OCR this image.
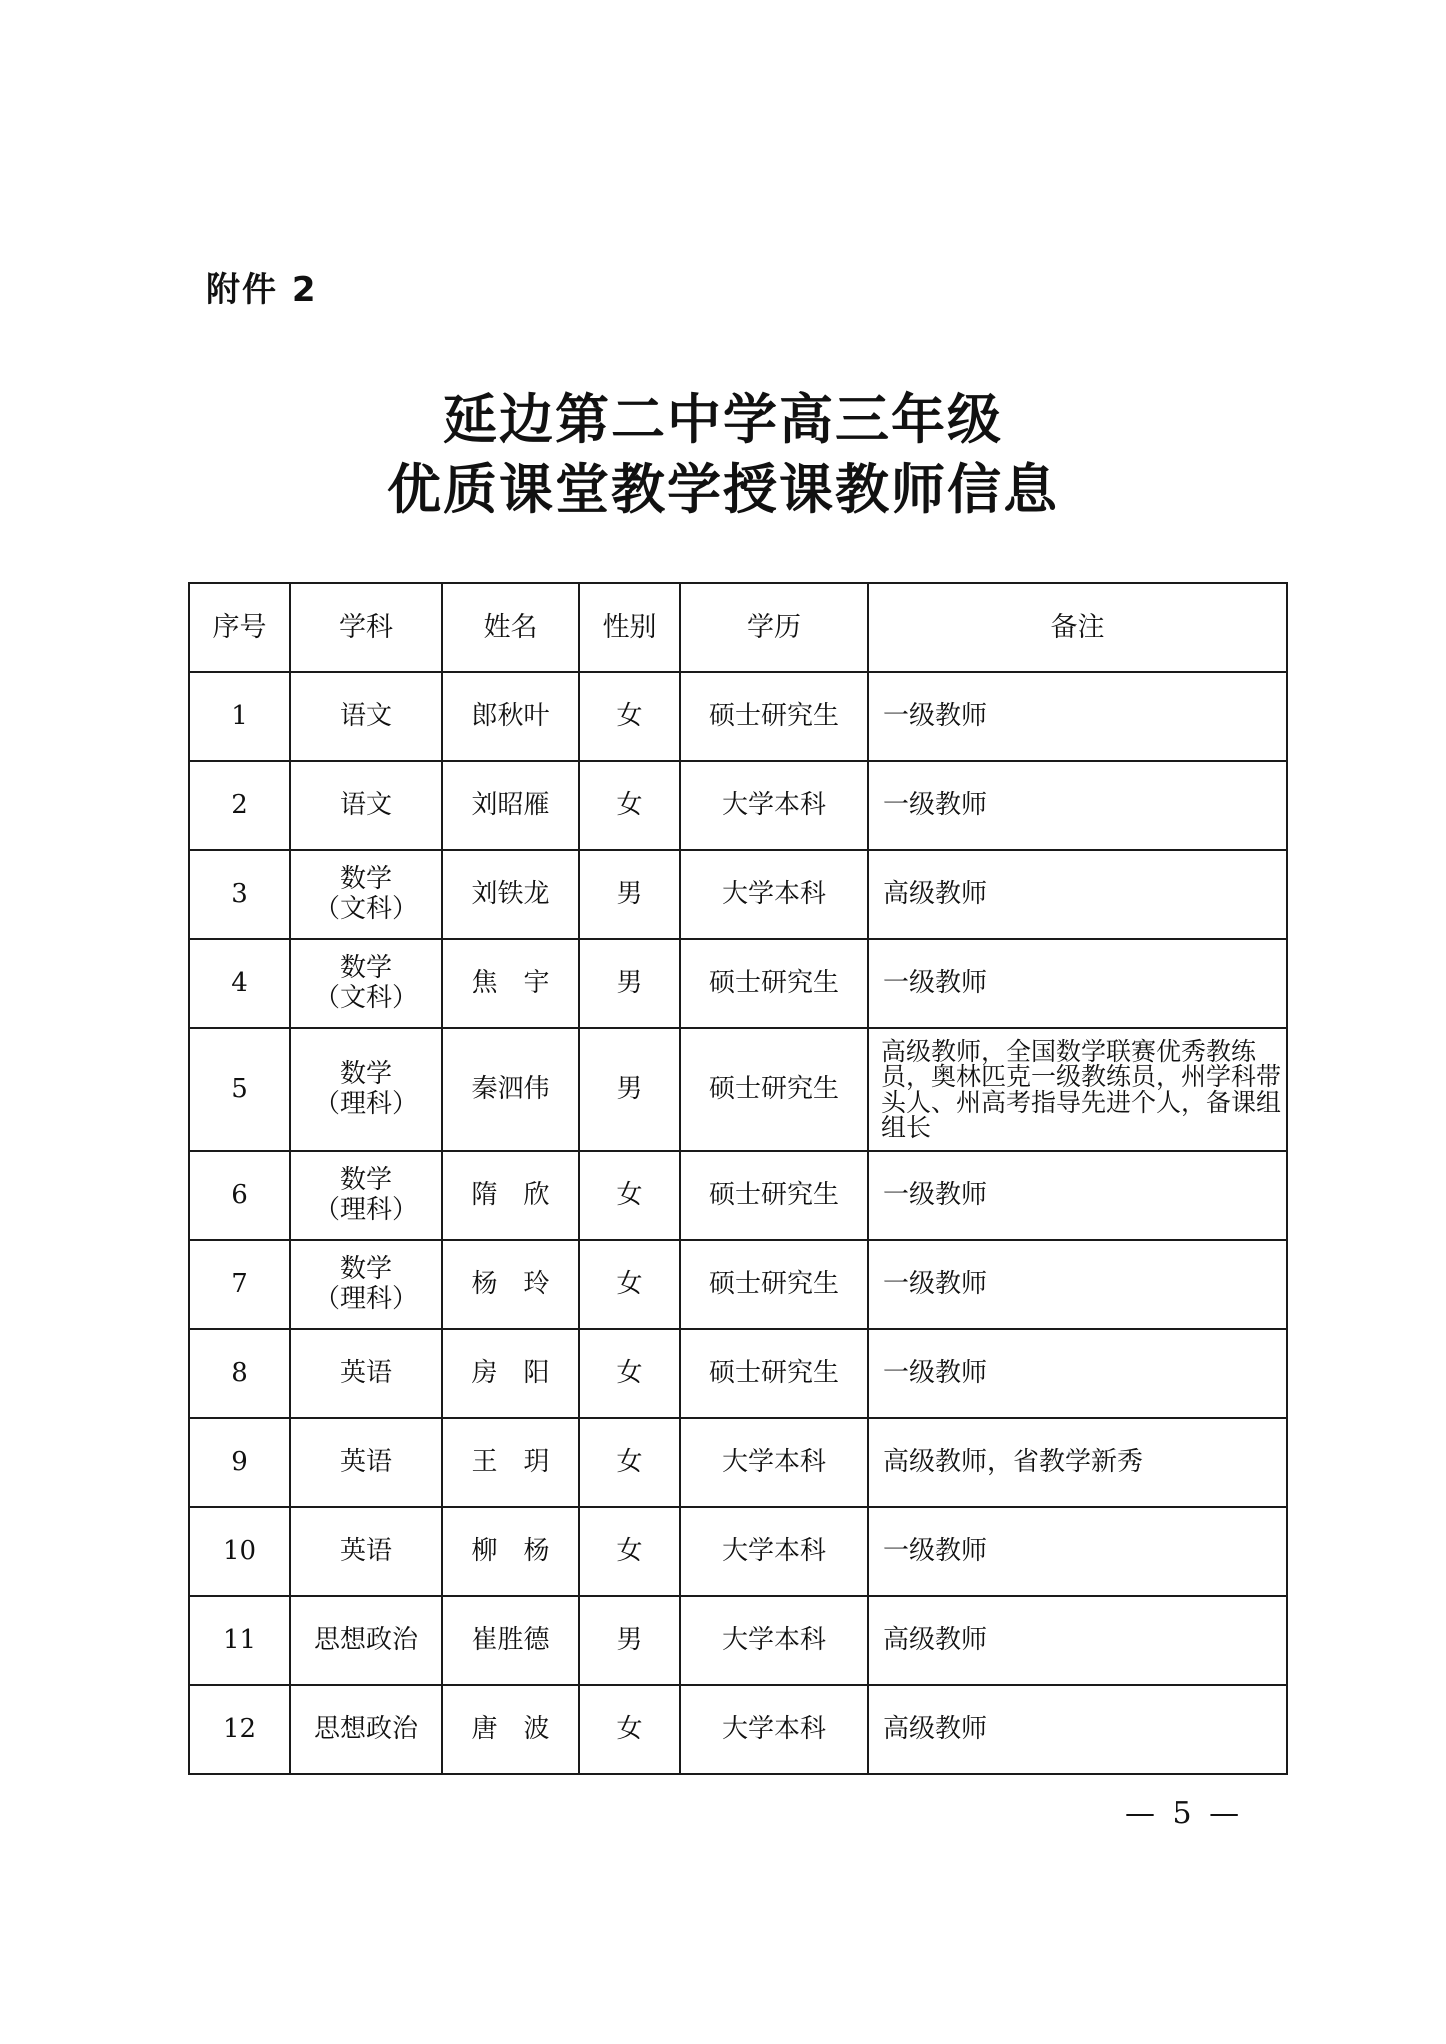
附件 2
延边第二中学高三年级
优质课堂教学授课教师信息
序号	学科	姓名	性别	学历	备注
1	语文	郎秋叶	女	硕士研究生	一级教师
2	语文	刘昭雁	女	大学本科	一级教师
3	数学
（文科）	刘铁龙	男	大学本科	高级教师
4	数学
（文科）	焦　宇	男	硕士研究生	一级教师
5	数学
（理科）	秦泗伟	男	硕士研究生	高级教师，全国数学联赛优秀教练员，奥林匹克一级教练员，州学科带头人、州高考指导先进个人，备课组组长
6	数学
（理科）	隋　欣	女	硕士研究生	一级教师
7	数学
（理科）	杨　玲	女	硕士研究生	一级教师
8	英语	房　阳	女	硕士研究生	一级教师
9	英语	王　玥	女	大学本科	高级教师，省教学新秀
10	英语	柳　杨	女	大学本科	一级教师
11	思想政治	崔胜德	男	大学本科	高级教师
12	思想政治	唐　波	女	大学本科	高级教师
— 5 —
